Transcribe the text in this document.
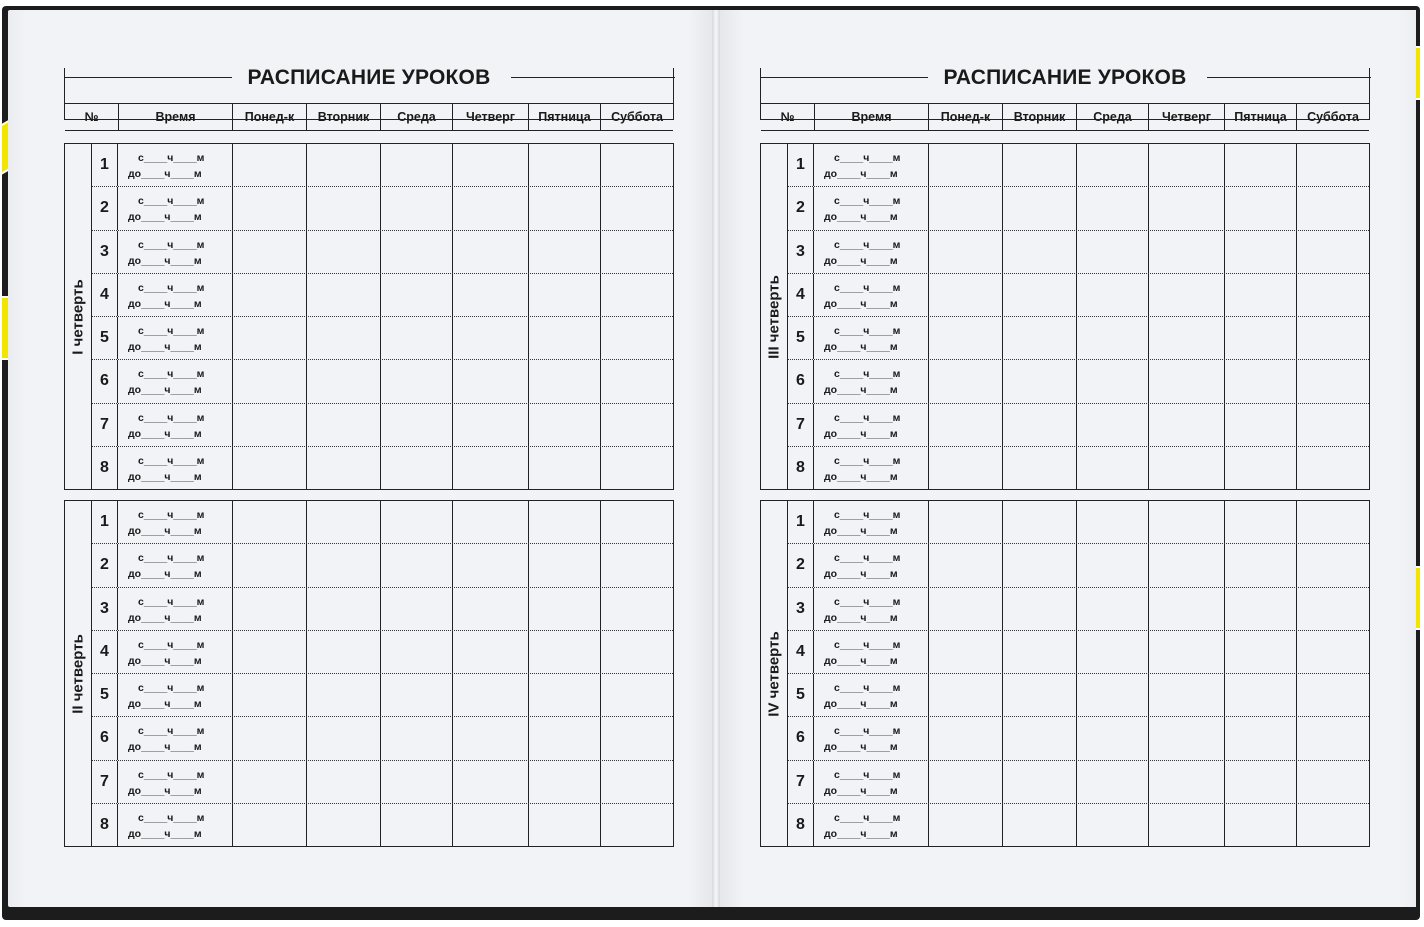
РАСПИСАНИЕ УРОКОВ
№	Время	Понед-к	Вторник	Среда	Четверг	Пятница	Суббота
I четверть
1	с____ч____м
до____ч____м
2	с____ч____м
до____ч____м
3	с____ч____м
до____ч____м
4	с____ч____м
до____ч____м
5	с____ч____м
до____ч____м
6	с____ч____м
до____ч____м
7	с____ч____м
до____ч____м
8	с____ч____м
до____ч____м
II четверть
1	с____ч____м
до____ч____м
2	с____ч____м
до____ч____м
3	с____ч____м
до____ч____м
4	с____ч____м
до____ч____м
5	с____ч____м
до____ч____м
6	с____ч____м
до____ч____м
7	с____ч____м
до____ч____м
8	с____ч____м
до____ч____м
РАСПИСАНИЕ УРОКОВ
№	Время	Понед-к	Вторник	Среда	Четверг	Пятница	Суббота
III четверть
1	с____ч____м
до____ч____м
2	с____ч____м
до____ч____м
3	с____ч____м
до____ч____м
4	с____ч____м
до____ч____м
5	с____ч____м
до____ч____м
6	с____ч____м
до____ч____м
7	с____ч____м
до____ч____м
8	с____ч____м
до____ч____м
IV четверть
1	с____ч____м
до____ч____м
2	с____ч____м
до____ч____м
3	с____ч____м
до____ч____м
4	с____ч____м
до____ч____м
5	с____ч____м
до____ч____м
6	с____ч____м
до____ч____м
7	с____ч____м
до____ч____м
8	с____ч____м
до____ч____м
